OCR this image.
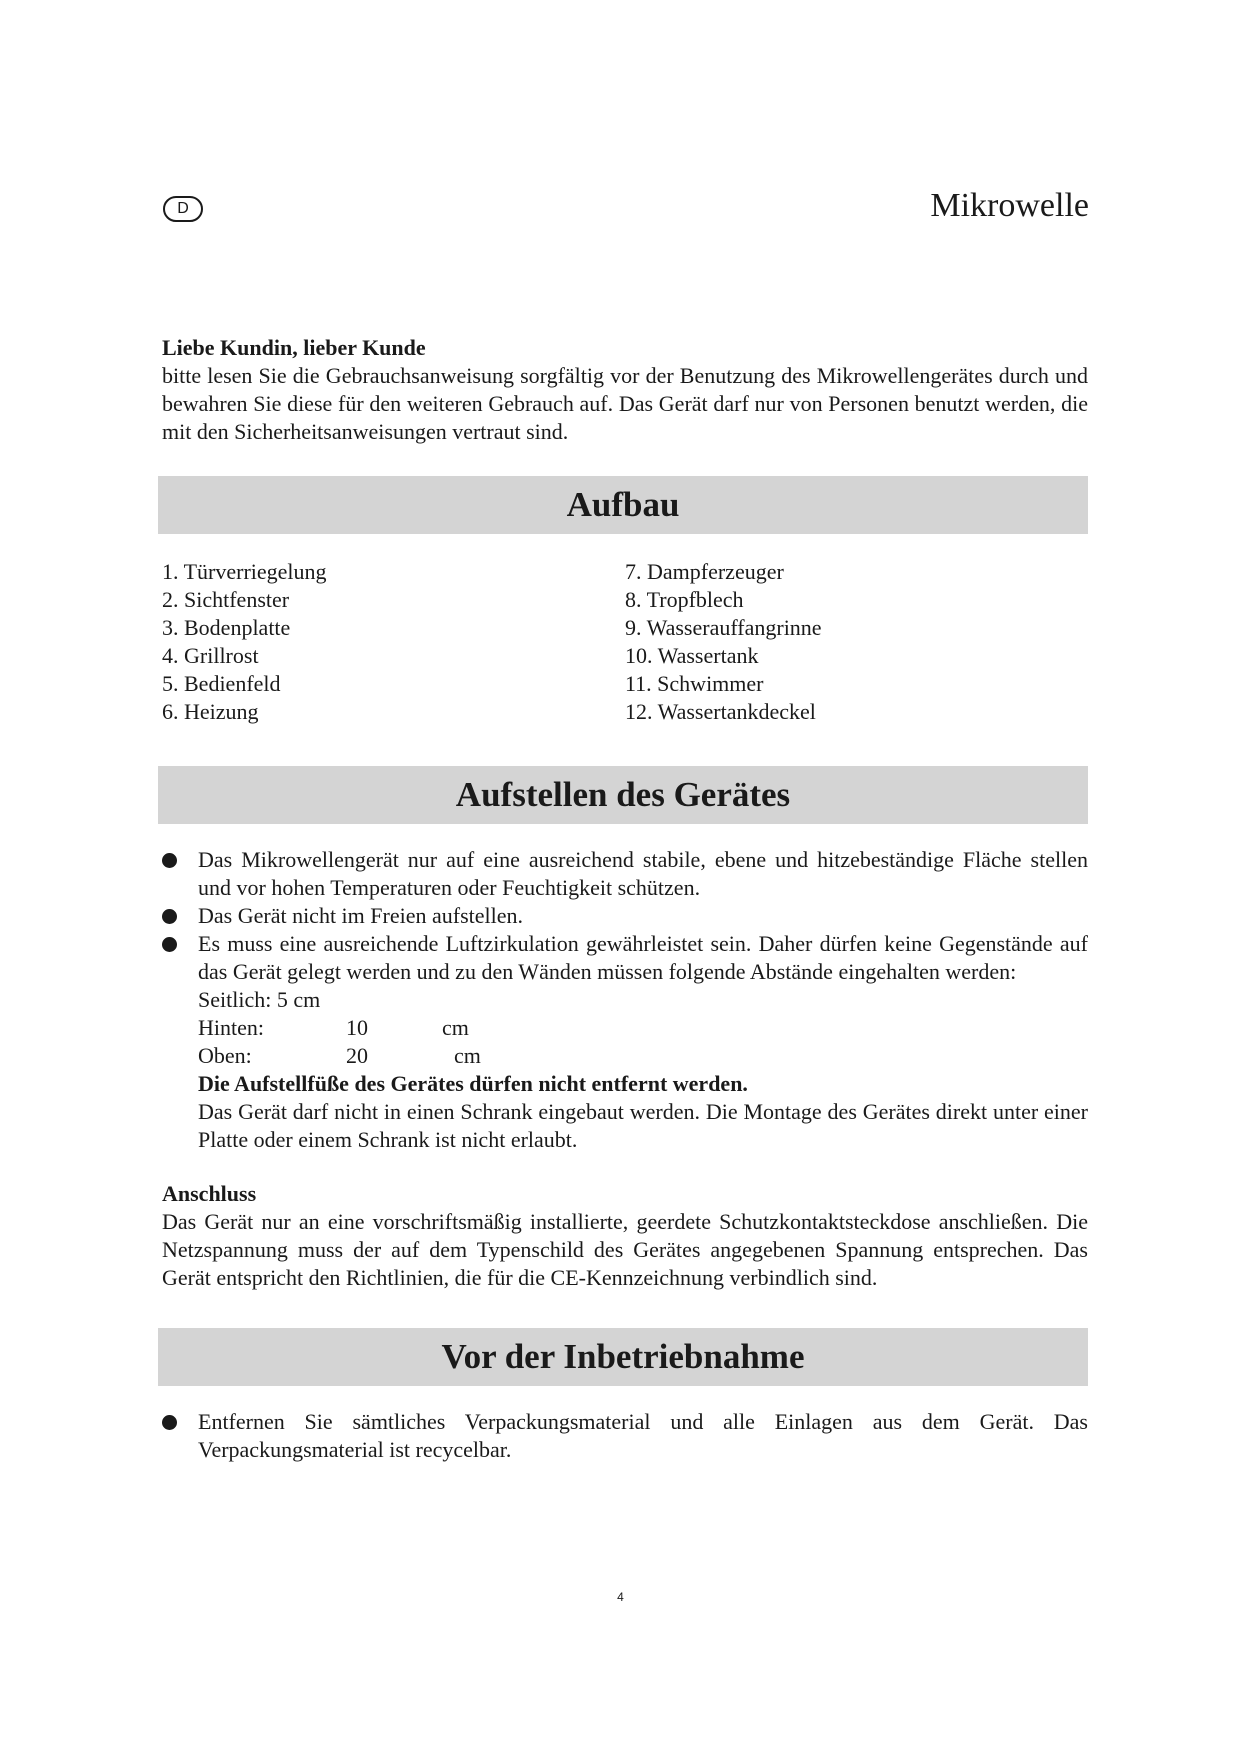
D	Mikrowelle

Liebe Kundin, lieber Kunde

bitte lesen Sie die Gebrauchsanweisung sorgfältig vor der Benutzung des Mikrowellengerätes durch und bewahren Sie diese für den weiteren Gebrauch auf. Das Gerät darf nur von Personen benutzt werden, die mit den Sicherheitsanweisungen vertraut sind.

Aufbau

1. Türverriegelung

2. Sichtfenster

3. Bodenplatte

4. Grillrost

5. Bedienfeld

6. Heizung

7. Dampferzeuger

8. Tropfblech

9. Wasserauffangrinne

10. Wassertank

11. Schwimmer

12. Wassertankdeckel

Aufstellen des Gerätes

Das Mikrowellengerät nur auf eine ausreichend stabile, ebene und hitzebeständige Fläche stellen und vor hohen Temperaturen oder Feuchtigkeit schützen.

Das Gerät nicht im Freien aufstellen.

Es muss eine ausreichende Luftzirkulation gewährleistet sein. Daher dürfen keine Gegenstände auf das Gerät gelegt werden und zu den Wänden müssen folgende Abstände eingehalten werden:

Seitlich: 5 cm

Hinten:	10	cm
Oben:	20	cm

Die Aufstellfüße des Gerätes dürfen nicht entfernt werden.

Das Gerät darf nicht in einen Schrank eingebaut werden. Die Montage des Gerätes direkt unter einer Platte oder einem Schrank ist nicht erlaubt.

Anschluss

Das Gerät nur an eine vorschriftsmäßig installierte, geerdete Schutzkontaktsteckdose anschließen. Die Netzspannung muss der auf dem Typenschild des Gerätes angegebenen Spannung entsprechen. Das Gerät entspricht den Richtlinien, die für die CE-Kennzeichnung verbindlich sind.

Vor der Inbetriebnahme

Entfernen Sie sämtliches Verpackungsmaterial und alle Einlagen aus dem Gerät. Das Verpackungsmaterial ist recycelbar.

4
